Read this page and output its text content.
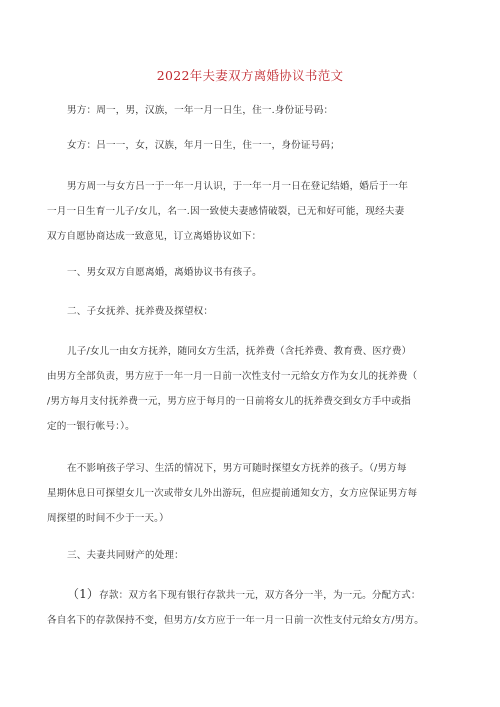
2022年夫妻双方离婚协议书范文
男方：周一，男，汉族，一年一月一日生，住一.身份证号码：
女方：吕一一，女，汉族，年月一日生，住一一，身份证号码；
男方周一与女方吕一于一年一月认识，于一年一月一日在登记结婚，婚后于一年
一月一日生育一儿子/女儿，名一.因一致使夫妻感情破裂，已无和好可能，现经夫妻
双方自愿协商达成一致意见，订立离婚协议如下：
一、男女双方自愿离婚，离婚协议书有孩子。
二、子女抚养、抚养费及探望权：
儿子/女儿一由女方抚养，随同女方生活，抚养费（含托养费、教育费、医疗费）
由男方全部负责，男方应于一年一月一日前一次性支付一元给女方作为女儿的抚养费（
/男方每月支付抚养费一元，男方应于每月的一日前将女儿的抚养费交到女方手中或指
定的一银行帐号：）。
在不影响孩子学习、生活的情况下，男方可随时探望女方抚养的孩子。（/男方每
星期休息日可探望女儿一次或带女儿外出游玩，但应提前通知女方，女方应保证男方每
周探望的时间不少于一天。）
三、夫妻共同财产的处理：
（1）存款：双方名下现有银行存款共一元，双方各分一半，为一元。分配方式：
各自名下的存款保持不变，但男方/女方应于一年一月一日前一次性支付元给女方/男方。
